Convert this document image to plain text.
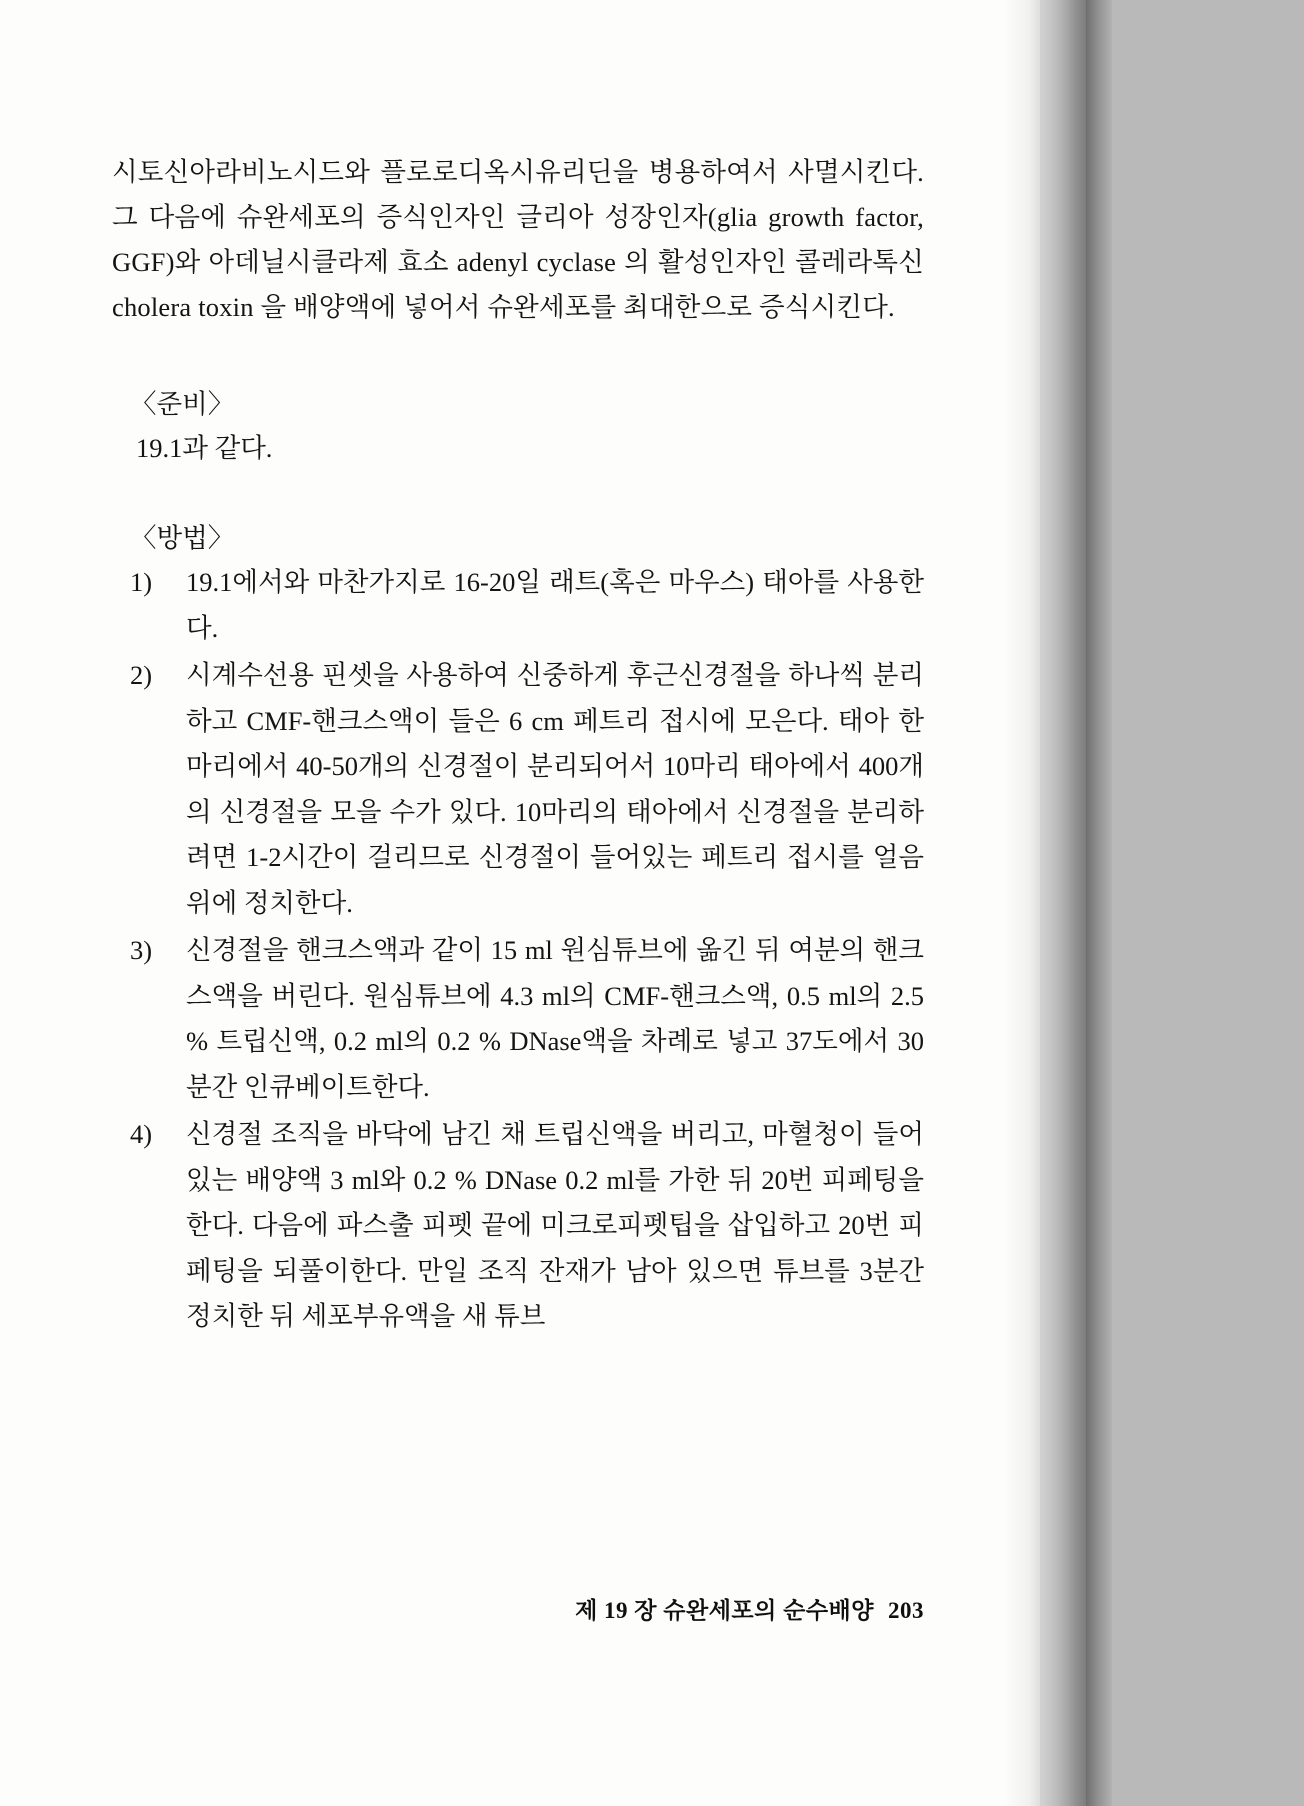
시토신아라비노시드와 플로로디옥시유리딘을 병용하여서 사멸시킨다. 그 다음에 슈완세포의 증식인자인 글리아 성장인자(glia growth factor, GGF)와 아데닐시클라제 효소 adenyl cyclase 의 활성인자인 콜레라톡신 cholera toxin 을 배양액에 넣어서 슈완세포를 최대한으로 증식시킨다.

〈준비〉
19.1과 같다.
〈방법〉
1)	19.1에서와 마찬가지로 16-20일 래트(혹은 마우스) 태아를 사용한다.
2)	시계수선용 핀셋을 사용하여 신중하게 후근신경절을 하나씩 분리하고 CMF-핸크스액이 들은 6 cm 페트리 접시에 모은다. 태아 한 마리에서 40-50개의 신경절이 분리되어서 10마리 태아에서 400개의 신경절을 모을 수가 있다. 10마리의 태아에서 신경절을 분리하려면 1-2시간이 걸리므로 신경절이 들어있는 페트리 접시를 얼음 위에 정치한다.
3)	신경절을 핸크스액과 같이 15 ml 원심튜브에 옮긴 뒤 여분의 핸크스액을 버린다. 원심튜브에 4.3 ml의 CMF-핸크스액, 0.5 ml의 2.5 % 트립신액, 0.2 ml의 0.2 % DNase액을 차례로 넣고 37도에서 30분간 인큐베이트한다.
4)	신경절 조직을 바닥에 남긴 채 트립신액을 버리고, 마혈청이 들어있는 배양액 3 ml와 0.2 % DNase 0.2 ml를 가한 뒤 20번 피페팅을 한다. 다음에 파스출 피펫 끝에 미크로피펫팁을 삽입하고 20번 피페팅을 되풀이한다. 만일 조직 잔재가 남아 있으면 튜브를 3분간 정치한 뒤 세포부유액을 새 튜브
제 19 장 슈완세포의 순수배양 203
